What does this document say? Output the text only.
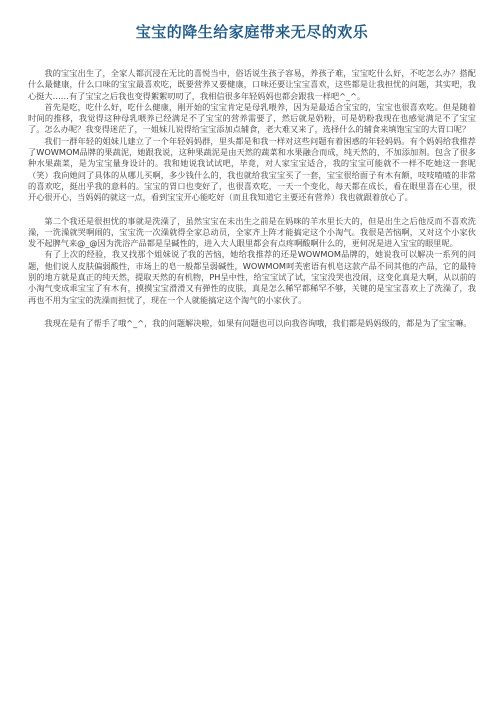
宝宝的降生给家庭带来无尽的欢乐

我的宝宝出生了，全家人都沉浸在无比的喜悦当中，俗话说生孩子容易，养孩子难，宝宝吃什么好，不吃怎么办？搭配什么最健康，什么口味的宝宝最喜欢吃，既要营养又要健康，口味还要让宝宝喜欢，这些都是让我担忧的问题，其实吧，我心挺大……有了宝宝之后我也变得絮絮叨叨了，我相信很多年轻妈妈也都会跟我一样吧^_^。

首先是吃，吃什么好，吃什么健康，刚开始的宝宝肯定是母乳喂养，因为是最适合宝宝的，宝宝也很喜欢吃。但是随着时间的推移，我觉得这种母乳喂养已经满足不了宝宝的营养需要了，然后就是奶粉，可是奶粉我现在也感觉满足不了宝宝了。怎么办呢？我变得迷茫了，一姐妹儿说得给宝宝添加点辅食，老大难又来了，选择什么的辅食来填饱宝宝的大胃口呢？

我们一群年轻的姐妹儿建立了一个年轻妈妈群，里头都是和我一样对这些问题有着困惑的年轻妈妈。有个妈妈给我推荐了WOWMOM品牌的果蔬泥，她跟我说，这种果蔬泥是由天然的蔬菜和水果融合而成，纯天然的，不加添加剂。包含了很多种水果蔬菜，是为宝宝量身设计的。我和她说我试试吧，毕竟，对人家宝宝适合，我的宝宝可能就不一样不吃她这一套呢（笑）我向她问了具体的从哪儿买啊，多少钱什么的，我也就给我宝宝买了一套，宝宝很给面子有木有额，吱吱喳喳的非常的喜欢吃，挺出乎我的意料的。宝宝的胃口也变好了，也很喜欢吃，一天一个变化，每天都在成长，看在眼里喜在心里，很开心很开心，当妈妈的就这一点，看到宝宝开心能吃好（而且我知道它主要还有营养）我也就跟着放心了。

第二个我还是很担忧的事就是洗澡了，虽然宝宝在未出生之前是在妈咪的羊水里长大的，但是出生之后他反而不喜欢洗澡，一洗澡就哭啊闹的，宝宝洗一次澡就得全家总动员，全家齐上阵才能搞定这个小淘气。我很是苦恼啊，又对这个小家伙发不起脾气来@_@因为洗浴产品都是呈碱性的，进入大人眼里都会有点疼啊酸啊什么的，更何况是进入宝宝的眼里呢。

有了上次的经验，我又找那个姐妹说了我的苦恼，她给我推荐的还是WOWMOM品牌的，她说我可以解决一系列的问题，他们说人皮肤偏弱酸性，市场上的皂一般都呈弱碱性，WOWMOM呵芙密语有机皂这款产品不同其他的产品，它的最特别的地方就是真正的纯天然，提取天然的有机物，PH呈中性，给宝宝试了试，宝宝没哭也没闹，这变化真是大啊，从以前的小淘气变成乖宝宝了有木有，摸摸宝宝滑滑又有弹性的皮肤，真是怎么稀罕都稀罕不够，关键的是宝宝喜欢上了洗澡了，我再也不用为宝宝的洗澡而担忧了，现在一个人就能搞定这个淘气的小家伙了。

我现在是有了帮手了哦^_^，我的问题解决啦，如果有问题也可以向我咨询哦，我们都是妈妈级的，都是为了宝宝嘛。
